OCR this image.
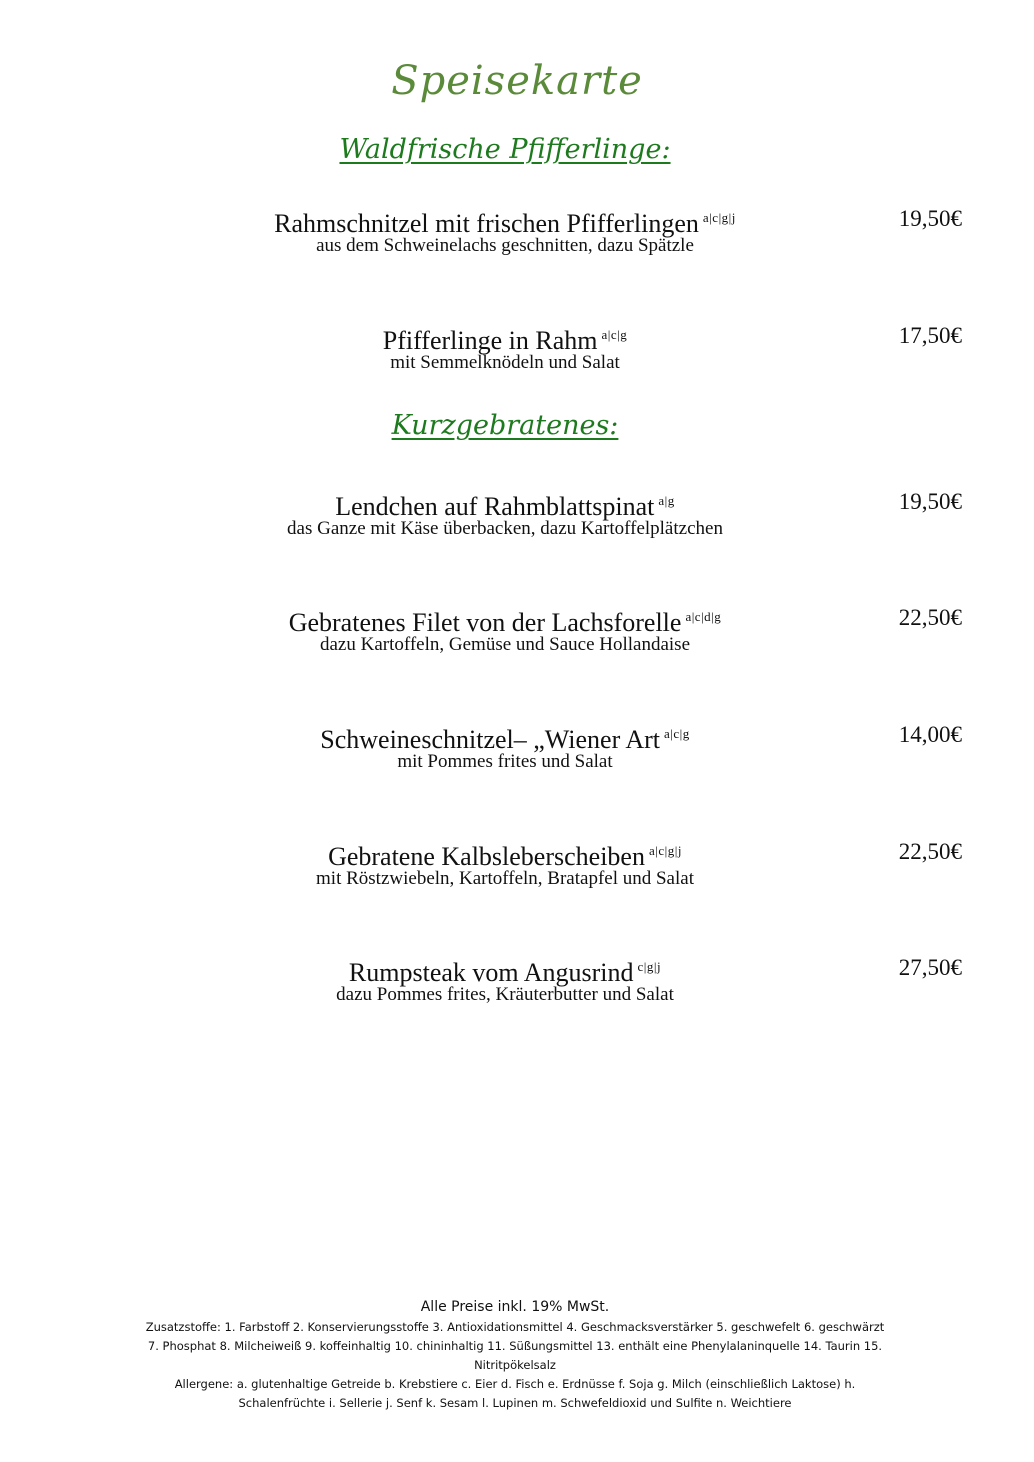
Speisekarte
Waldfrische Pfifferlinge:
Rahmschnitzel mit frischen Pfifferlingen $^{a|c|g|j}$
aus dem Schweinelachs geschnitten, dazu Spätzle
19,50€
Pfifferlinge in Rahm $^{a|c|g}$
mit Semmelknödeln und Salat
17,50€
Kurzgebratenes:
Lendchen auf Rahmblattspinat $^{a|g}$
das Ganze mit Käse überbacken, dazu Kartoffelplätzchen
19,50€
Gebratenes Filet von der Lachsforelle $^{a|c|d|g}$
dazu Kartoffeln, Gemüse und Sauce Hollandaise
22,50€
Schweineschnitzel– „Wiener Art $^{a|c|g}$
mit Pommes frites und Salat
14,00€
Gebratene Kalbsleberscheiben $^{a|c|g|j}$
mit Röstzwiebeln, Kartoffeln, Bratapfel und Salat
22,50€
Rumpsteak vom Angusrind $^{c|g|j}$
dazu Pommes frites, Kräuterbutter und Salat
27,50€
Alle Preise inkl. 19% MwSt.
Zusatzstoffe: 1. Farbstoff 2. Konservierungsstoffe 3. Antioxidationsmittel 4. Geschmacksverstärker 5. geschwefelt 6. geschwärzt 7. Phosphat 8. Milcheiweiß 9. koffeinhaltig 10. chininhaltig 11. Süßungsmittel 13. enthält eine Phenylalaninquelle 14. Taurin 15. Nitritpökelsalz
Allergene: a. glutenhaltige Getreide b. Krebstiere c. Eier d. Fisch e. Erdnüsse f. Soja g. Milch (einschließlich Laktose) h. Schalenfrüchte i. Sellerie j. Senf k. Sesam l. Lupinen m. Schwefeldioxid und Sulfite n. Weichtiere
